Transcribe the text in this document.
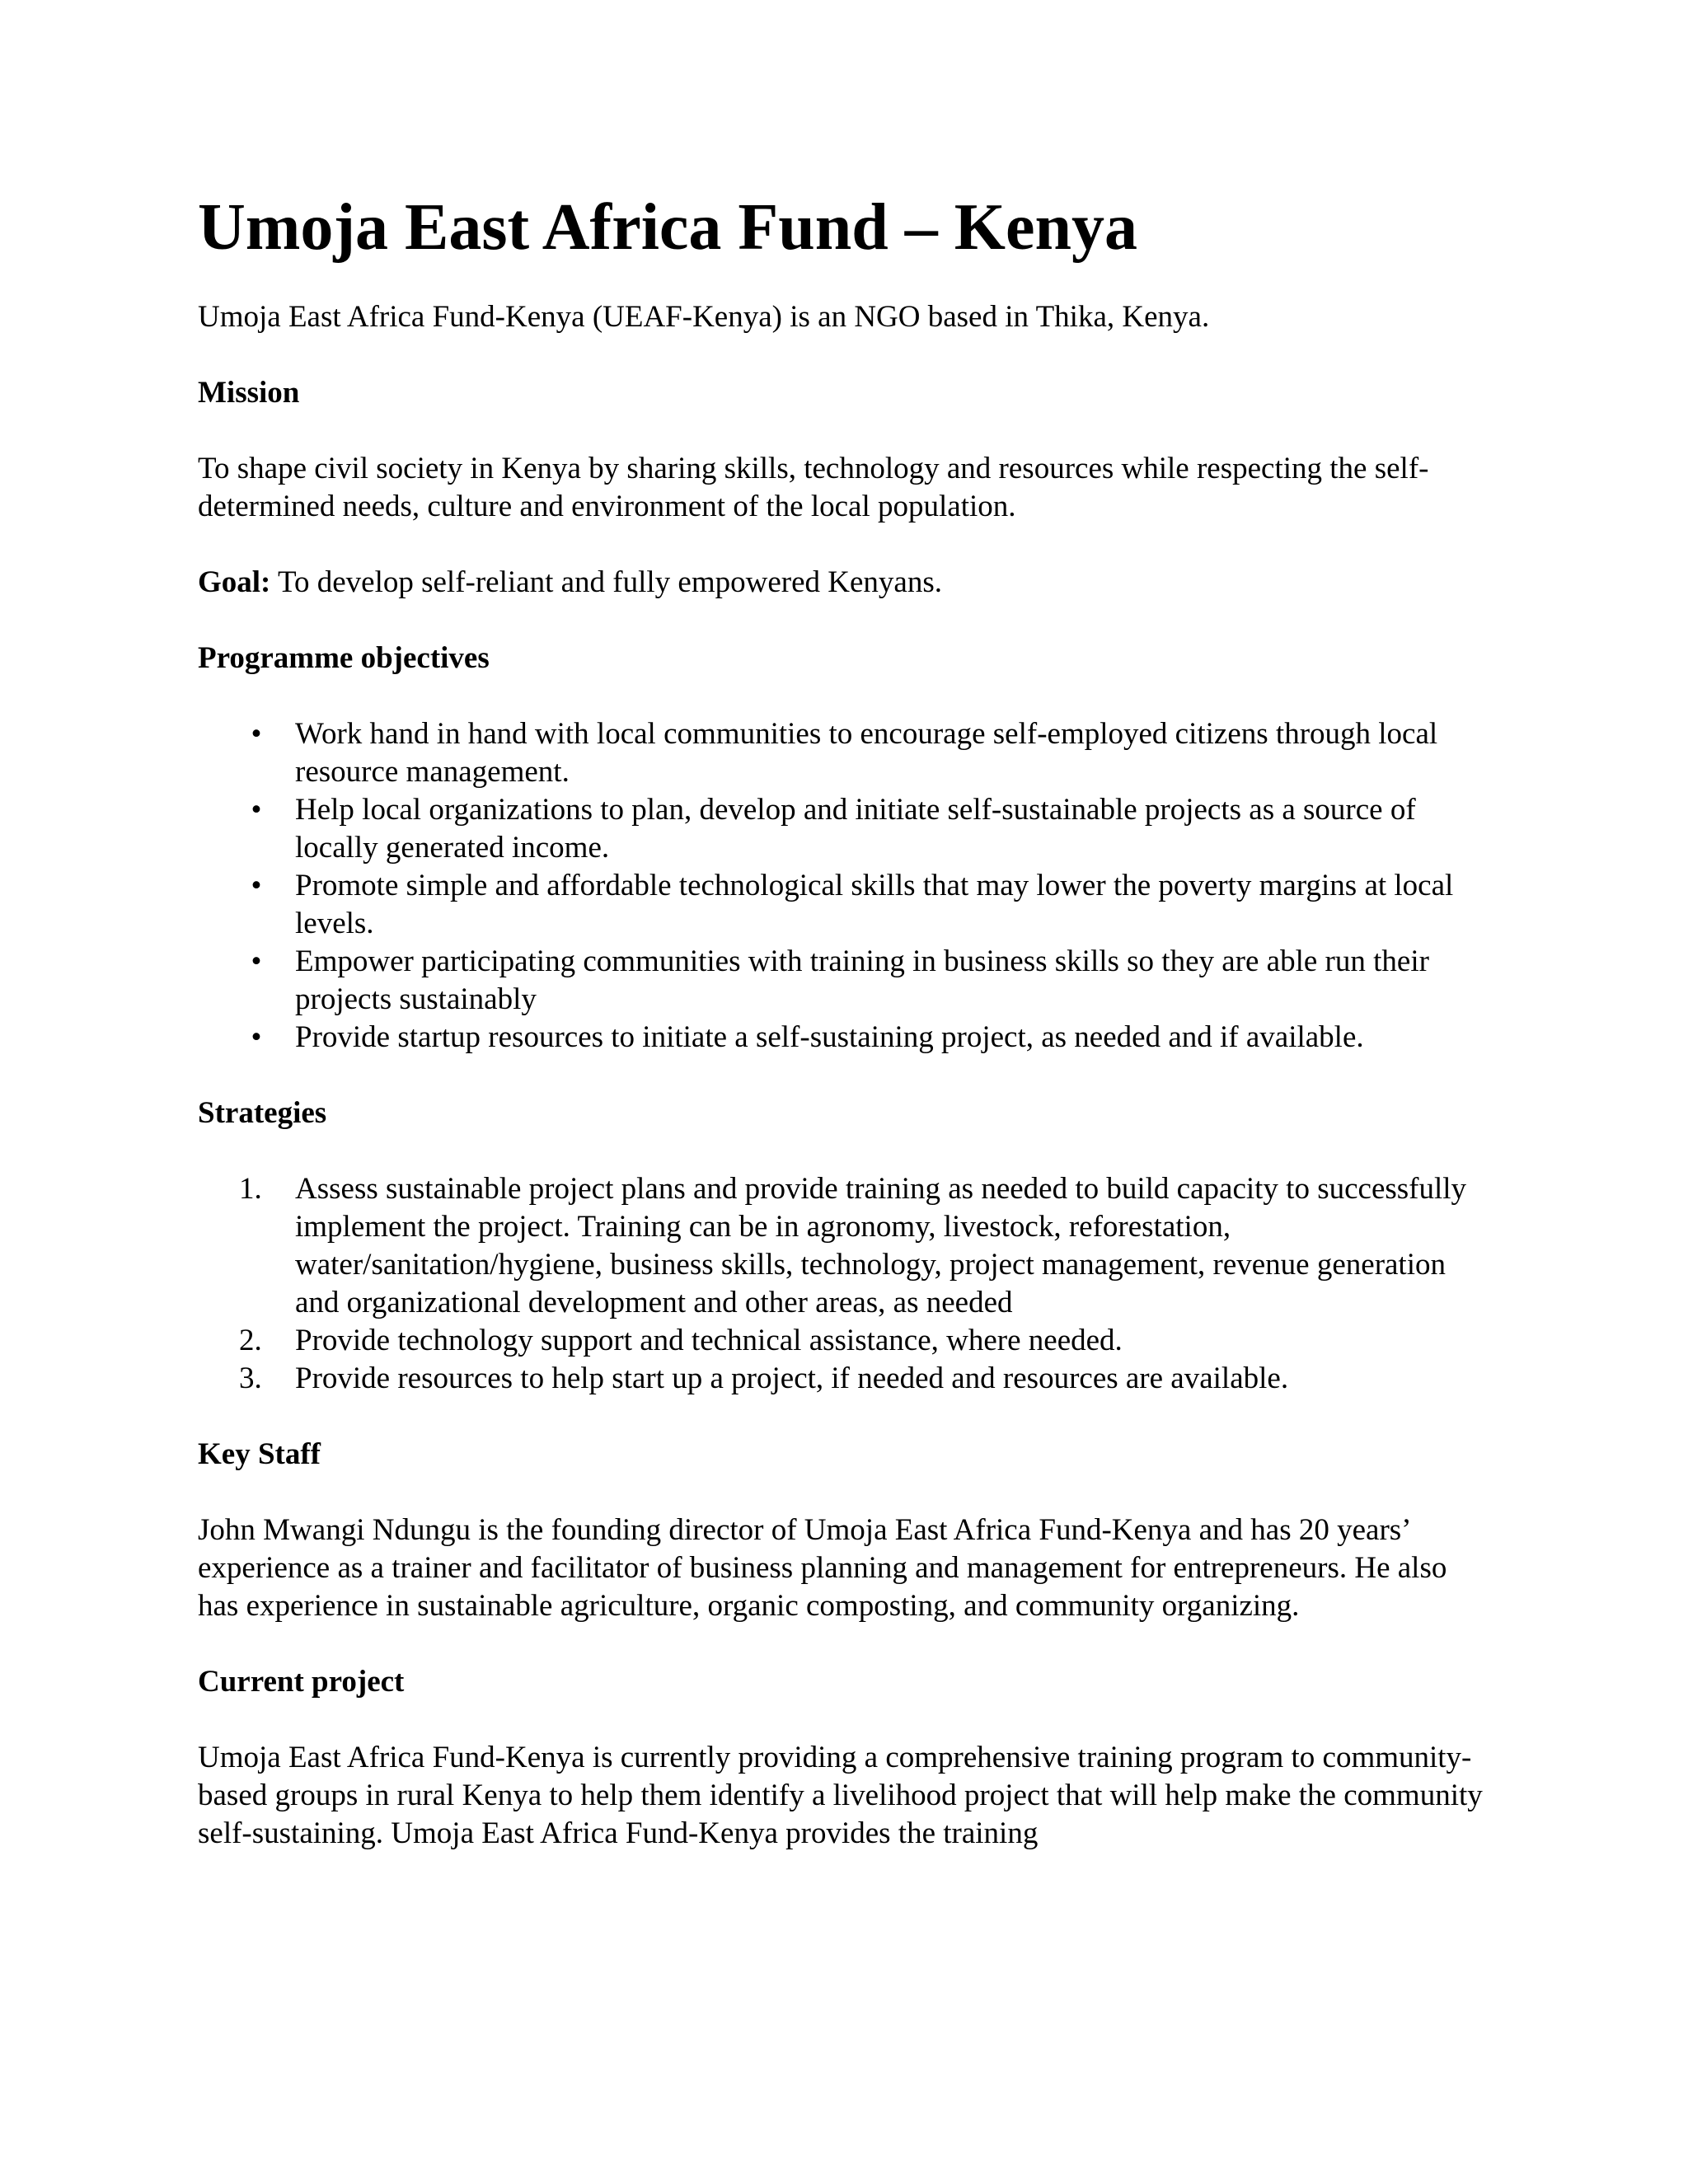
Umoja East Africa Fund – Kenya

Umoja East Africa Fund-Kenya (UEAF-Kenya) is an NGO based in Thika, Kenya.

Mission

To shape civil society in Kenya by sharing skills, technology and resources while respecting the self-determined needs, culture and environment of the local population.

Goal: To develop self-reliant and fully empowered Kenyans.

Programme objectives
• Work hand in hand with local communities to encourage self-employed citizens through local resource management.
• Help local organizations to plan, develop and initiate self-sustainable projects as a source of locally generated income.
• Promote simple and affordable technological skills that may lower the poverty margins at local levels.
• Empower participating communities with training in business skills so they are able run their projects sustainably
• Provide startup resources to initiate a self-sustaining project, as needed and if available.
Strategies
1.	Assess sustainable project plans and provide training as needed to build capacity to successfully implement the project. Training can be in agronomy, livestock, reforestation, water/sanitation/hygiene, business skills, technology, project management, revenue generation and organizational development and other areas, as needed
2.	Provide technology support and technical assistance, where needed.
3.	Provide resources to help start up a project, if needed and resources are available.
Key Staff

John Mwangi Ndungu is the founding director of Umoja East Africa Fund-Kenya and has 20 years’ experience as a trainer and facilitator of business planning and management for entrepreneurs. He also has experience in sustainable agriculture, organic composting, and community organizing.

Current project

Umoja East Africa Fund-Kenya is currently providing a comprehensive training program to community-based groups in rural Kenya to help them identify a livelihood project that will help make the community self-sustaining. Umoja East Africa Fund-Kenya provides the training
